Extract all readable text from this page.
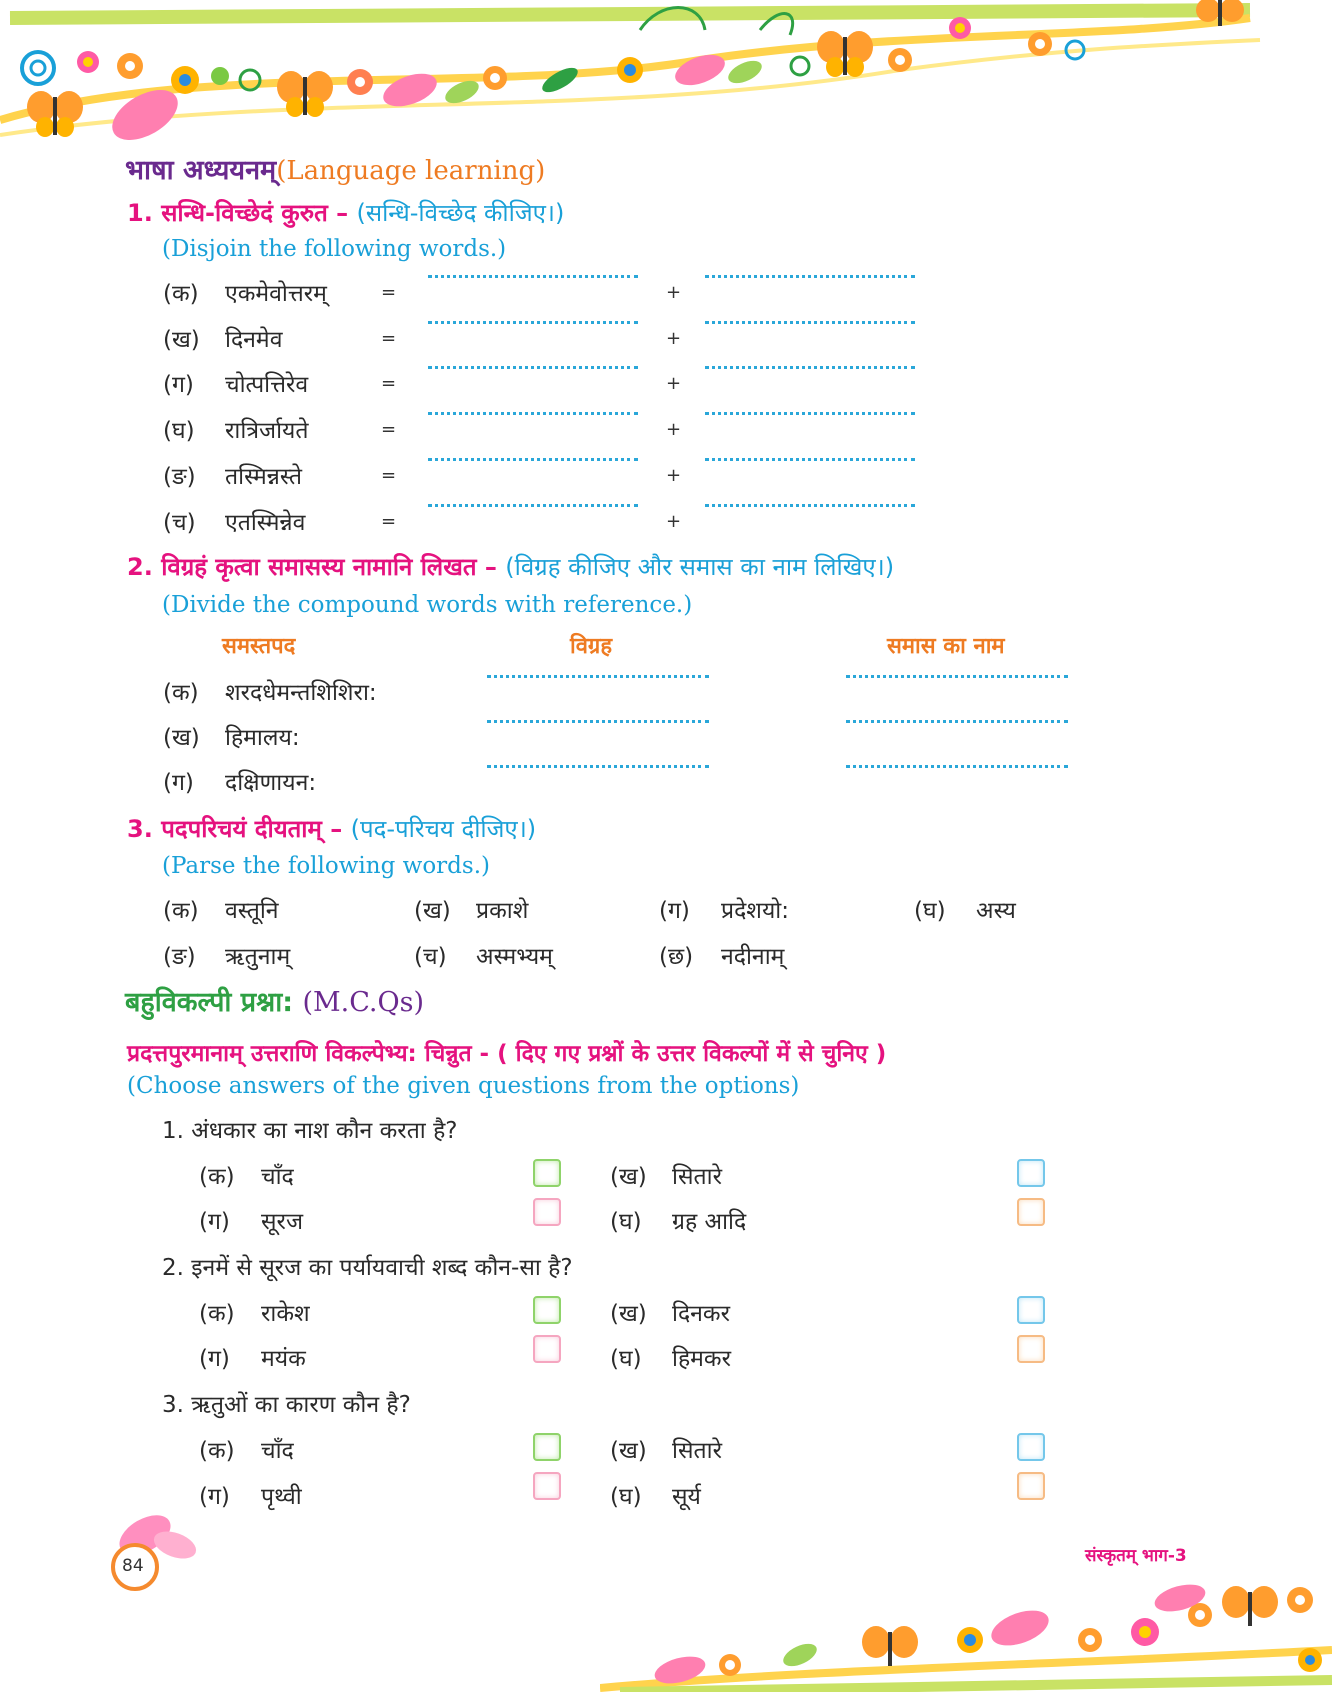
भाषा अध्ययनम्(Language learning)
1. सन्धि-विच्छेदं कुरुत – (सन्धि-विच्छेद कीजिए।)
(Disjoin the following words.)
(क) एकमेवोत्तरम्	=	+
(ख) दिनमेव	=	+
(ग) चोत्पत्तिरेव	=	+
(घ) रात्रिर्जायते	=	+
(ङ) तस्मिन्नस्ते	=	+
(च) एतस्मिन्नेव	=	+
2. विग्रहं कृत्वा समासस्य नामानि लिखत – (विग्रह कीजिए और समास का नाम लिखिए।)
(Divide the compound words with reference.)
समस्तपद	विग्रह	समास का नाम
(क) शरदधेमन्तशिशिरा:
(ख) हिमालय:
(ग) दक्षिणायन:
3. पदपरिचयं दीयताम् – (पद-परिचय दीजिए।)
(Parse the following words.)
(क) वस्तूनि	(ख) प्रकाशे	(ग) प्रदेशयो:	(घ) अस्य
(ङ) ऋतुनाम्	(च) अस्मभ्यम्	(छ) नदीनाम्
बहुविकल्पी प्रश्ना: (M.C.Qs)
प्रदत्तपुरमानाम् उत्तराणि विकल्पेभ्य: चिन्नुत - ( दिए गए प्रश्नों के उत्तर विकल्पों में से चुनिए )
(Choose answers of the given questions from the options)
1. अंधकार का नाश कौन करता है?
(क) चाँद	(ख) सितारे
(ग) सूरज	(घ) ग्रह आदि
2. इनमें से सूरज का पर्यायवाची शब्द कौन-सा है?
(क) राकेश	(ख) दिनकर
(ग) मयंक	(घ) हिमकर
3. ऋतुओं का कारण कौन है?
(क) चाँद	(ख) सितारे
(ग) पृथ्वी	(घ) सूर्य
84	संस्कृतम् भाग-3
